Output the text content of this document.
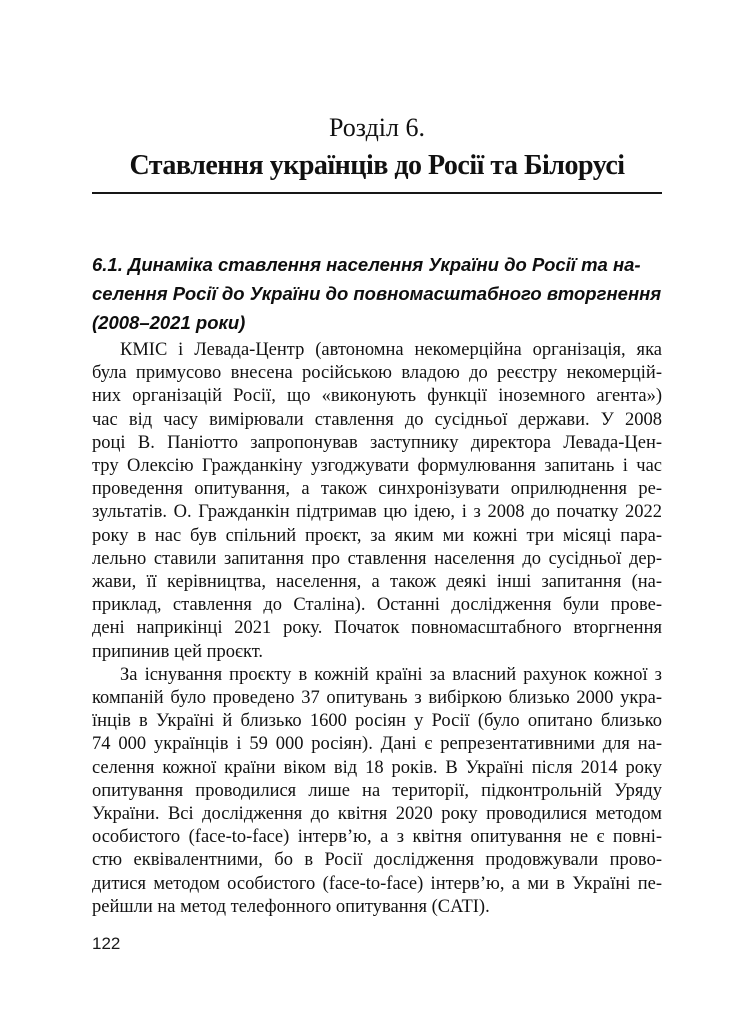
Розділ 6.
Ставлення українців до Росії та Білорусі
6.1. Динаміка ставлення населення України до Росії та на-
селення Росії до України до повномасштабного вторгнення
(2008–2021 роки)
КМІС і Левада-Центр (автономна некомерційна організація, яка
була примусово внесена російською владою до реєстру некомерцій-
них організацій Росії, що «виконують функції іноземного агента»)
час від часу вимірювали ставлення до сусідньої держави. У 2008
році В. Паніотто запропонував заступнику директора Левада-Цен-
тру Олексію Гражданкіну узгоджувати формулювання запитань і час
проведення опитування, а також синхронізувати оприлюднення ре-
зультатів. О. Гражданкін підтримав цю ідею, і з 2008 до початку 2022
року в нас був спільний проєкт, за яким ми кожні три місяці пара-
лельно ставили запитання про ставлення населення до сусідньої дер-
жави, її керівництва, населення, а також деякі інші запитання (на-
приклад, ставлення до Сталіна). Останні дослідження були прове-
дені наприкінці 2021 року. Початок повномасштабного вторгнення
припинив цей проєкт.
За існування проєкту в кожній країні за власний рахунок кожної з
компаній було проведено 37 опитувань з вибіркою близько 2000 укра-
їнців в Україні й близько 1600 росіян у Росії (було опитано близько
74 000 українців і 59 000 росіян). Дані є репрезентативними для на-
селення кожної країни віком від 18 років. В Україні після 2014 року
опитування проводилися лише на території, підконтрольній Уряду
України. Всі дослідження до квітня 2020 року проводилися методом
особистого (face-to-face) інтерв’ю, а з квітня опитування не є повні-
стю еквівалентними, бо в Росії дослідження продовжували прово-
дитися методом особистого (face-to-face) інтерв’ю, а ми в Україні пе-
рейшли на метод телефонного опитування (CATI).
122
